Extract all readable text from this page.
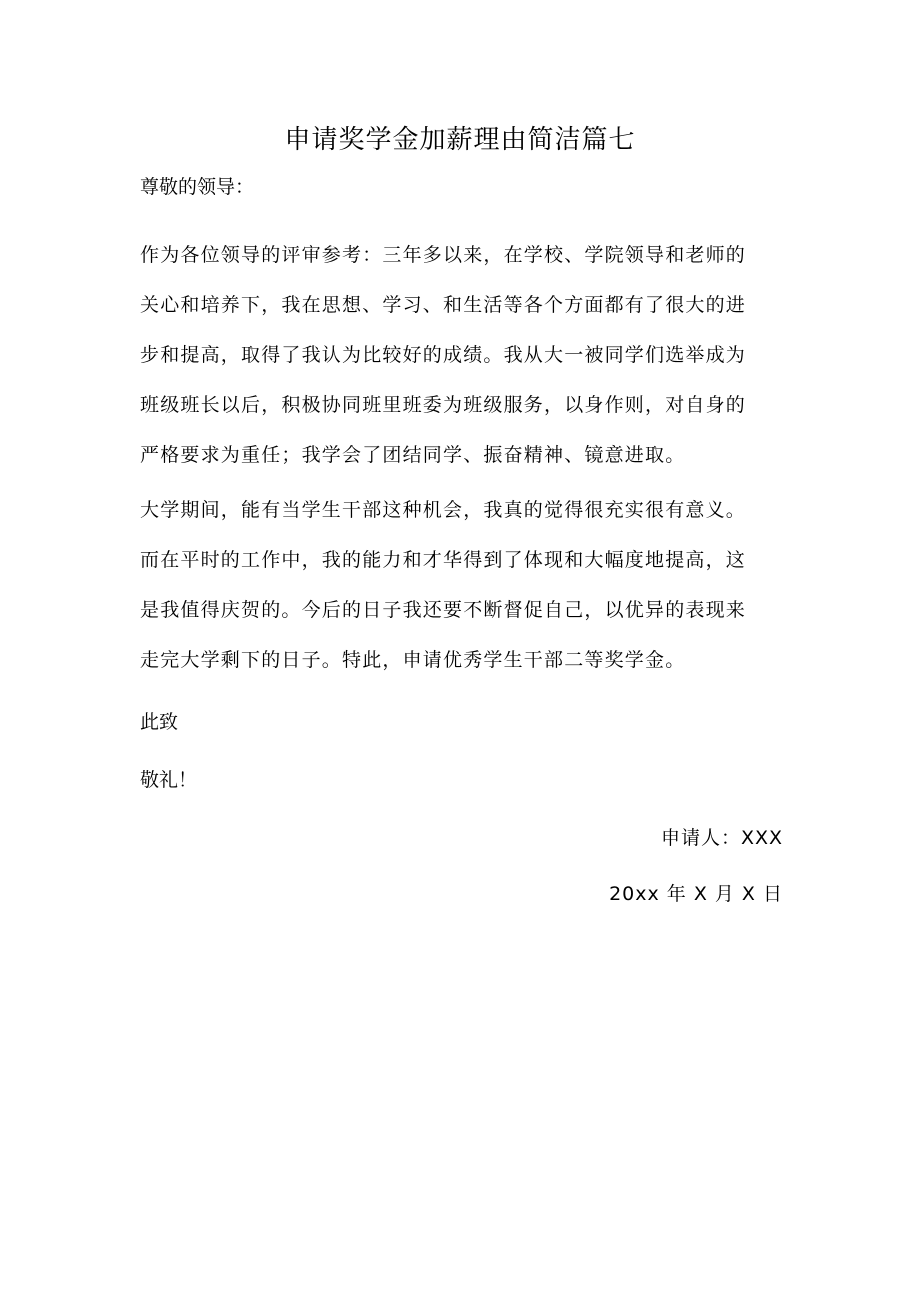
申请奖学金加薪理由简洁篇七
尊敬的领导：
作为各位领导的评审参考：三年多以来，在学校、学院领导和老师的
关心和培养下，我在思想、学习、和生活等各个方面都有了很大的进
步和提高，取得了我认为比较好的成绩。我从大一被同学们选举成为
班级班长以后，积极协同班里班委为班级服务，以身作则，对自身的
严格要求为重任；我学会了团结同学、振奋精神、镜意进取。
大学期间，能有当学生干部这种机会，我真的觉得很充实很有意义。
而在平时的工作中，我的能力和才华得到了体现和大幅度地提高，这
是我值得庆贺的。今后的日子我还要不断督促自己，以优异的表现来
走完大学剩下的日子。特此，申请优秀学生干部二等奖学金。
此致
敬礼！
申请人：XXX
20xx 年 X 月 X 日
